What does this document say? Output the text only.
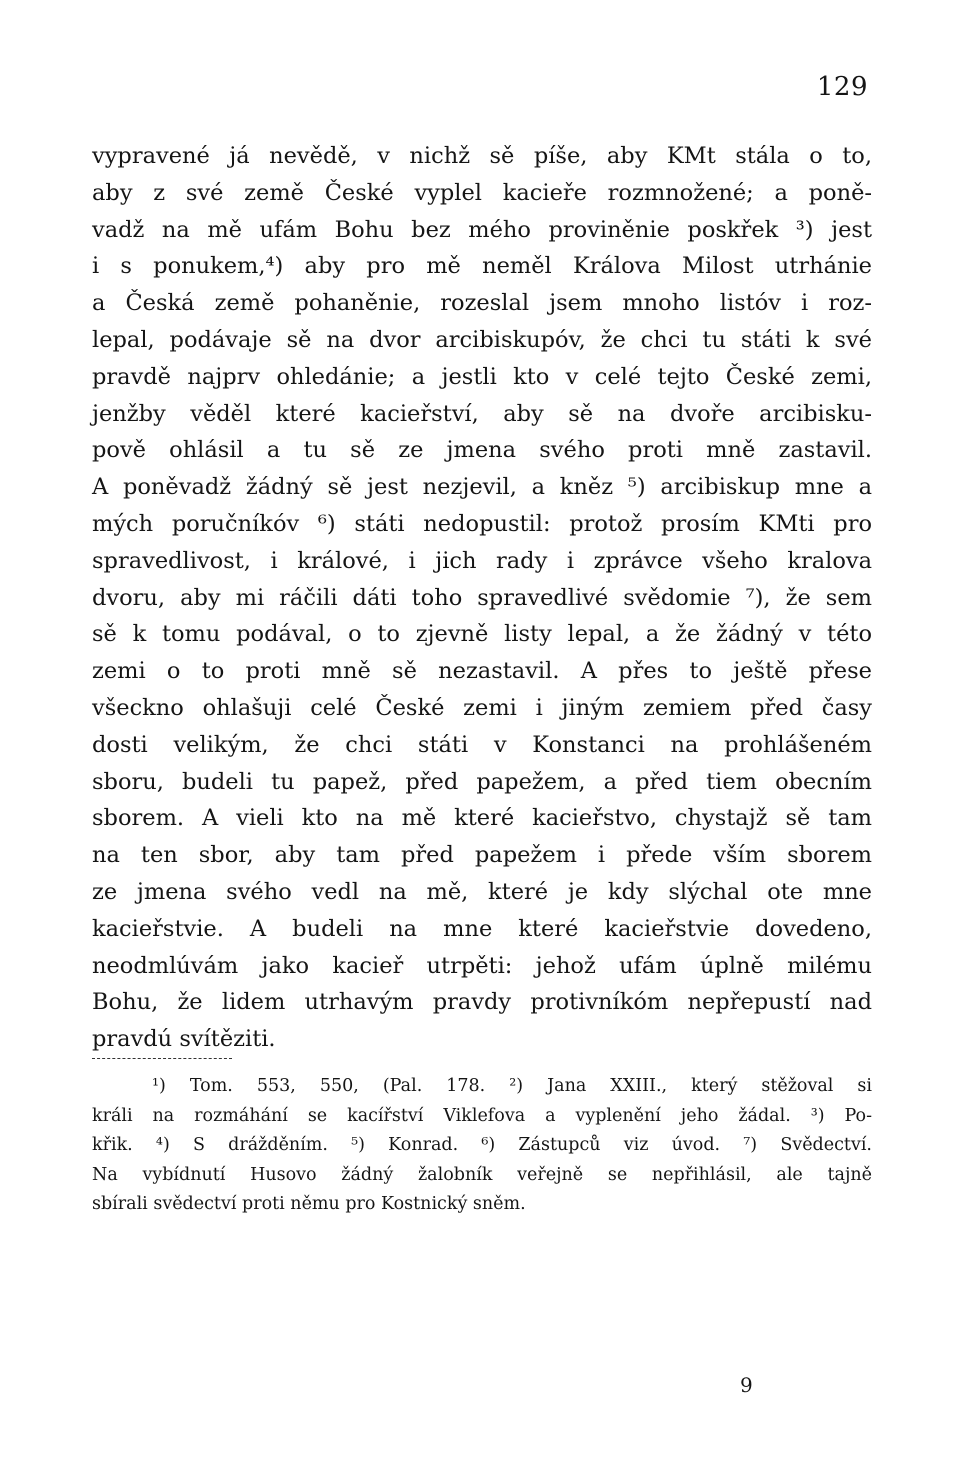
129
vypravené já nevědě, v nichž sě píše, aby KMt stála o to,
aby z své země České vyplel kacieře rozmnožené; a poně-
vadž na mě ufám Bohu bez mého proviněnie poskřek ³) jest
i s ponukem,⁴) aby pro mě neměl Králova Milost utrhánie
a Česká země pohaněnie, rozeslal jsem mnoho listóv i roz-
lepal, podávaje sě na dvor arcibiskupóv, že chci tu státi k své
pravdě najprv ohledánie; a jestli kto v celé tejto České zemi,
jenžby věděl které kacieřství, aby sě na dvoře arcibisku-
pově ohlásil a tu sě ze jmena svého proti mně zastavil.
A poněvadž žádný sě jest nezjevil, a kněz ⁵) arcibiskup mne a
mých poručníkóv ⁶) státi nedopustil: protož prosím KMti pro
spravedlivost, i králové, i jich rady i zprávce všeho kralova
dvoru, aby mi ráčili dáti toho spravedlivé svědomie ⁷), že sem
sě k tomu podával, o to zjevně listy lepal, a že žádný v této
zemi o to proti mně sě nezastavil. A přes to ještě přese
všeckno ohlašuji celé České zemi i jiným zemiem před časy
dosti velikým, že chci státi v Konstanci na prohlášeném
sboru, budeli tu papež, před papežem, a před tiem obecním
sborem. A vieli kto na mě které kacieřstvo, chystajž sě tam
na ten sbor, aby tam před papežem i přede vším sborem
ze jmena svého vedl na mě, které je kdy slýchal ote mne
kacieřstvie. A budeli na mne které kacieřstvie dovedeno,
neodmlúvám jako kacieř utrpěti: jehož ufám úplně milému
Bohu, že lidem utrhavým pravdy protivníkóm nepřepustí nad
pravdú svítěziti.
¹) Tom. 553, 550, (Pal. 178. ²) Jana XXIII., který stěžoval si
králi na rozmáhání se kacířství Viklefova a vyplenění jeho žádal. ³) Po-
křik. ⁴) S drážděním. ⁵) Konrad. ⁶) Zástupců viz úvod. ⁷) Svědectví.
Na vybídnutí Husovo žádný žalobník veřejně se nepřihlásil, ale tajně
sbírali svědectví proti němu pro Kostnický sněm.
9
